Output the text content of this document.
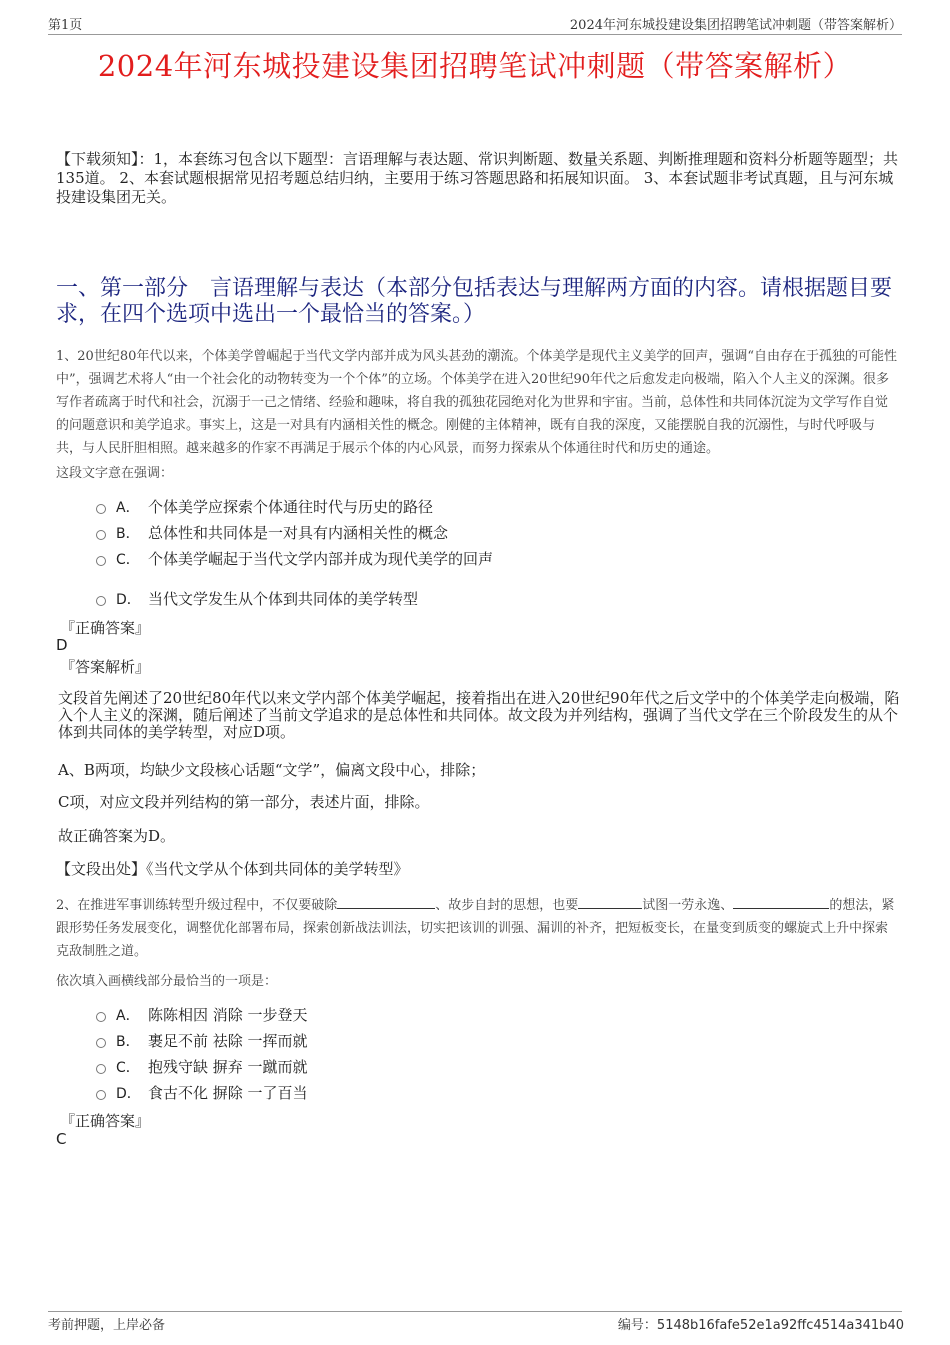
第1页	2024年河东城投建设集团招聘笔试冲刺题（带答案解析）
2024年河东城投建设集团招聘笔试冲刺题（带答案解析）
【下载须知】：1，本套练习包含以下题型：言语理解与表达题、常识判断题、数量关系题、判断推理题和资料分析题等题型；共135道。 2、本套试题根据常见招考题总结归纳，主要用于练习答题思路和拓展知识面。 3、本套试题非考试真题，且与河东城投建设集团无关。
一、第一部分　言语理解与表达（本部分包括表达与理解两方面的内容。请根据题目要求，在四个选项中选出一个最恰当的答案。）
1、20世纪80年代以来，个体美学曾崛起于当代文学内部并成为风头甚劲的潮流。个体美学是现代主义美学的回声，强调“自由存在于孤独的可能性中”，强调艺术将人“由一个社会化的动物转变为一个个体”的立场。个体美学在进入20世纪90年代之后愈发走向极端，陷入个人主义的深渊。很多写作者疏离于时代和社会，沉溺于一己之情绪、经验和趣味，将自我的孤独花园绝对化为世界和宇宙。当前，总体性和共同体沉淀为文学写作自觉的问题意识和美学追求。事实上，这是一对具有内涵相关性的概念。刚健的主体精神，既有自我的深度，又能摆脱自我的沉溺性，与时代呼吸与共，与人民肝胆相照。越来越多的作家不再满足于展示个体的内心风景，而努力探索从个体通往时代和历史的通途。
这段文字意在强调：
A． 个体美学应探索个体通往时代与历史的路径
B． 总体性和共同体是一对具有内涵相关性的概念
C． 个体美学崛起于当代文学内部并成为现代美学的回声
D． 当代文学发生从个体到共同体的美学转型
『正确答案』
D
『答案解析』
文段首先阐述了20世纪80年代以来文学内部个体美学崛起，接着指出在进入20世纪90年代之后文学中的个体美学走向极端，陷入个人主义的深渊，随后阐述了当前文学追求的是总体性和共同体。故文段为并列结构，强调了当代文学在三个阶段发生的从个体到共同体的美学转型，对应D项。
A、B两项，均缺少文段核心话题“文学”，偏离文段中心，排除；
C项，对应文段并列结构的第一部分，表述片面，排除。
故正确答案为D。
【文段出处】《当代文学从个体到共同体的美学转型》
2、在推进军事训练转型升级过程中，不仅要破除	、故步自封的思想，也要	试图一劳永逸、	的想法，紧跟形势任务发展变化，调整优化部署布局，探索创新战法训法，切实把该训的训强、漏训的补齐，把短板变长，在量变到质变的螺旋式上升中探索克敌制胜之道。
依次填入画横线部分最恰当的一项是：
A． 陈陈相因 消除 一步登天
B． 裹足不前 祛除 一挥而就
C． 抱残守缺 摒弃 一蹴而就
D． 食古不化 摒除 一了百当
『正确答案』
C
考前押题，上岸必备	编号：5148b16fafe52e1a92ffc4514a341b40
